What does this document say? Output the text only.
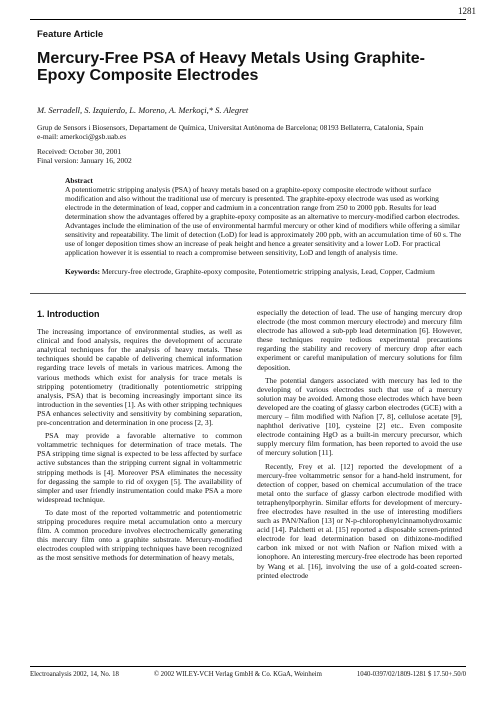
1281
Feature Article
Mercury-Free PSA of Heavy Metals Using Graphite-Epoxy Composite Electrodes
M. Serradell, S. Izquierdo, L. Moreno, A. Merkoçi,* S. Alegret
Grup de Sensors i Biosensors, Departament de Química, Universitat Autònoma de Barcelona; 08193 Bellaterra, Catalonia, Spain
e-mail: amerkoci@gsb.uab.es
Received: October 30, 2001
Final version: January 16, 2002
Abstract
A potentiometric stripping analysis (PSA) of heavy metals based on a graphite-epoxy composite electrode without surface modification and also without the traditional use of mercury is presented. The graphite-epoxy electrode was used as working electrode in the determination of lead, copper and cadmium in a concentration range from 250 to 2000 ppb. Results for lead determination show the advantages offered by a graphite-epoxy composite as an alternative to mercury-modified carbon electrodes. Advantages include the elimination of the use of environmental harmful mercury or other kind of modifiers while offering a similar sensitivity and repeatability. The limit of detection (LoD) for lead is approximately 200 ppb, with an accumulation time of 60 s. The use of longer deposition times show an increase of peak height and hence a greater sensitivity and a lower LoD. For practical application however it is essential to reach a compromise between sensitivity, LoD and length of analysis time.
Keywords: Mercury-free electrode, Graphite-epoxy composite, Potentiometric stripping analysis, Lead, Copper, Cadmium
1. Introduction

The increasing importance of environmental studies, as well as clinical and food analysis, requires the development of accurate analytical techniques for the analysis of heavy metals. These techniques should be capable of delivering chemical information regarding trace levels of metals in various matrices. Among the various methods which exist for analysis for trace metals is stripping potentiometry (traditionally potentiometric stripping analysis, PSA) that is becoming increasingly important since its introduction in the seventies [1]. As with other stripping techniques PSA enhances selectivity and sensitivity by combining separation, pre-concentration and determination in one process [2, 3].

PSA may provide a favorable alternative to common voltammetric techniques for determination of trace metals. The PSA stripping time signal is expected to be less affected by surface active substances than the stripping current signal in voltammetric stripping methods is [4]. Moreover PSA eliminates the necessity for degassing the sample to rid of oxygen [5]. The availability of simpler and user friendly instrumentation could make PSA a more widespread technique.

To date most of the reported voltammetric and potentiometric stripping procedures require metal accumulation onto a mercury film. A common procedure involves electrochemically generating this mercury film onto a graphite substrate. Mercury-modified electrodes coupled with stripping techniques have been recognized as the most sensitive methods for determination of heavy metals,

especially the detection of lead. The use of hanging mercury drop electrode (the most common mercury electrode) and mercury film electrode has allowed a sub-ppb lead determination [6]. However, these techniques require tedious experimental precautions regarding the stability and recovery of mercury drop after each experiment or careful manipulation of mercury solutions for film deposition.

The potential dangers associated with mercury has led to the developing of various electrodes such that use of a mercury solution may be avoided. Among those electrodes which have been developed are the coating of glassy carbon electrodes (GCE) with a mercury – film modified with Nafion [7, 8], cellulose acetate [9], naphthol derivative [10], cysteine [2] etc.. Even composite electrode containing HgO as a built-in mercury precursor, which supply mercury film formation, has been reported to avoid the use of mercury solution [11].

Recently, Frey et al. [12] reported the development of a mercury-free voltammetric sensor for a hand-held instrument, for detection of copper, based on chemical accumulation of the trace metal onto the surface of glassy carbon electrode modified with tetraphenylporphyrin. Similar efforts for development of mercury-free electrodes have resulted in the use of interesting modifiers such as PAN/Nafion [13] or N-p-chlorophenylcinnamohydroxamic acid [14]. Palchetti et al. [15] reported a disposable screen-printed electrode for lead determination based on dithizone-modified carbon ink mixed or not with Nafion or Nafion mixed with a ionophore. An interesting mercury-free electrode has been reported by Wang et al. [16], involving the use of a gold-coated screen-printed electrode

Electroanalysis 2002, 14, No. 18	© 2002 WILEY-VCH Verlag GmbH & Co. KGaA, Weinheim	1040-0397/02/1809-1281 $ 17.50+.50/0
